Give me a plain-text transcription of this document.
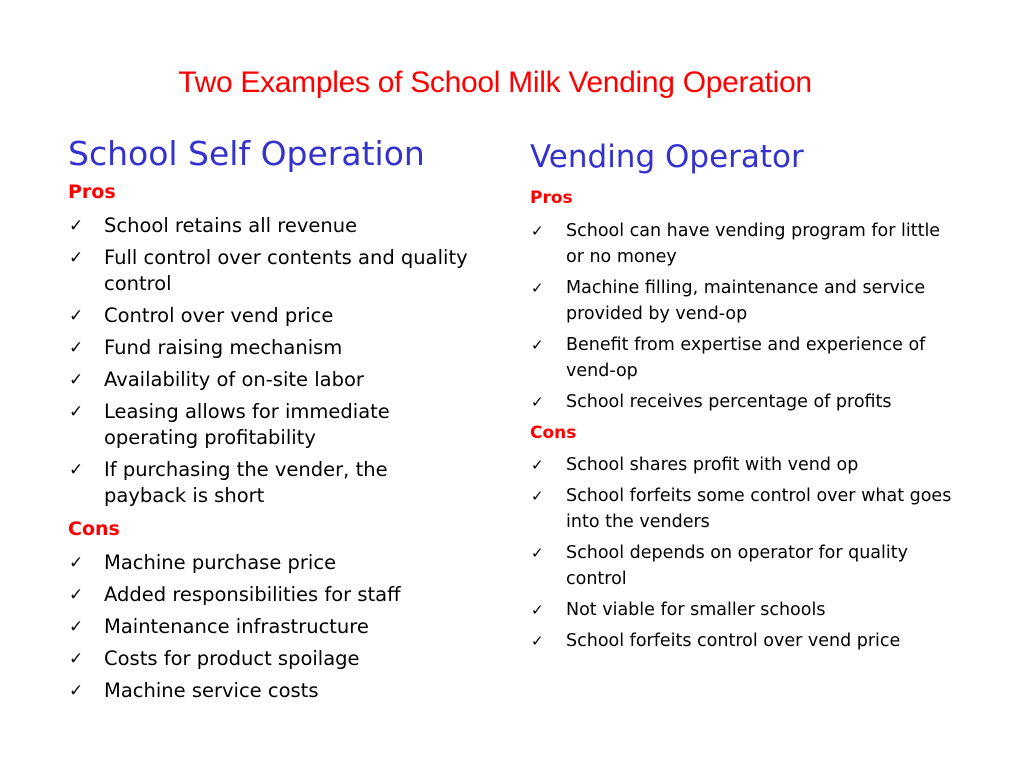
Two Examples of School Milk Vending Operation
School Self Operation
Pros
✓ School retains all revenue
✓ Full control over contents and quality control
✓ Control over vend price
✓ Fund raising mechanism
✓ Availability of on-site labor
✓ Leasing allows for immediate operating profitability
✓ If purchasing the vender, the payback is short
Cons
✓ Machine purchase price
✓ Added responsibilities for staff
✓ Maintenance infrastructure
✓ Costs for product spoilage
✓ Machine service costs
Vending Operator
Pros
✓ School can have vending program for little or no money
✓ Machine filling, maintenance and service provided by vend-op
✓ Benefit from expertise and experience of vend-op
✓ School receives percentage of profits
Cons
✓ School shares profit with vend op
✓ School forfeits some control over what goes into the venders
✓ School depends on operator for quality control
✓ Not viable for smaller schools
✓ School forfeits control over vend price
